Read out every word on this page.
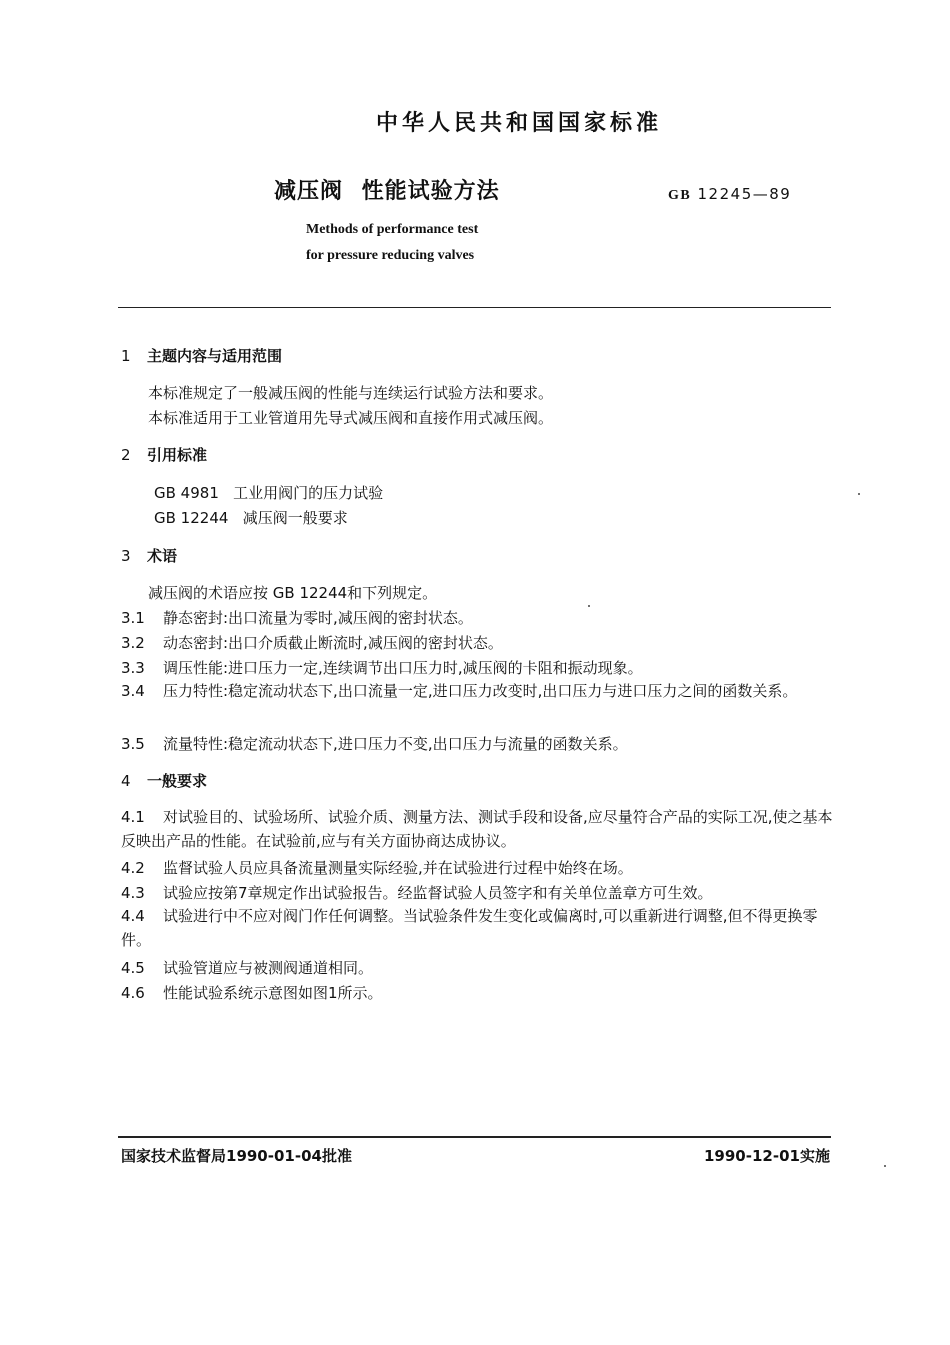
中华人民共和国国家标准
减压阀 性能试验方法	GB 12245—89
Methods of performance test
for pressure reducing valves
1 主题内容与适用范围
本标准规定了一般减压阀的性能与连续运行试验方法和要求。
本标准适用于工业管道用先导式减压阀和直接作用式减压阀。
2 引用标准
GB 4981   工业用阀门的压力试验
GB 12244   减压阀一般要求
3 术语
减压阀的术语应按 GB 12244和下列规定。
3.1 静态密封:出口流量为零时,减压阀的密封状态。
3.2 动态密封:出口介质截止断流时,减压阀的密封状态。
3.3 调压性能:进口压力一定,连续调节出口压力时,减压阀的卡阻和振动现象。
3.4 压力特性:稳定流动状态下,出口流量一定,进口压力改变时,出口压力与进口压力之间的函数关系。
3.5 流量特性:稳定流动状态下,进口压力不变,出口压力与流量的函数关系。
4 一般要求
4.1 对试验目的、试验场所、试验介质、测量方法、测试手段和设备,应尽量符合产品的实际工况,使之基本反映出产品的性能。在试验前,应与有关方面协商达成协议。
4.2 监督试验人员应具备流量测量实际经验,并在试验进行过程中始终在场。
4.3 试验应按第7章规定作出试验报告。经监督试验人员签字和有关单位盖章方可生效。
4.4 试验进行中不应对阀门作任何调整。当试验条件发生变化或偏离时,可以重新进行调整,但不得更换零件。
4.5 试验管道应与被测阀通道相同。
4.6 性能试验系统示意图如图1所示。
国家技术监督局1990-01-04批准	1990-12-01实施
